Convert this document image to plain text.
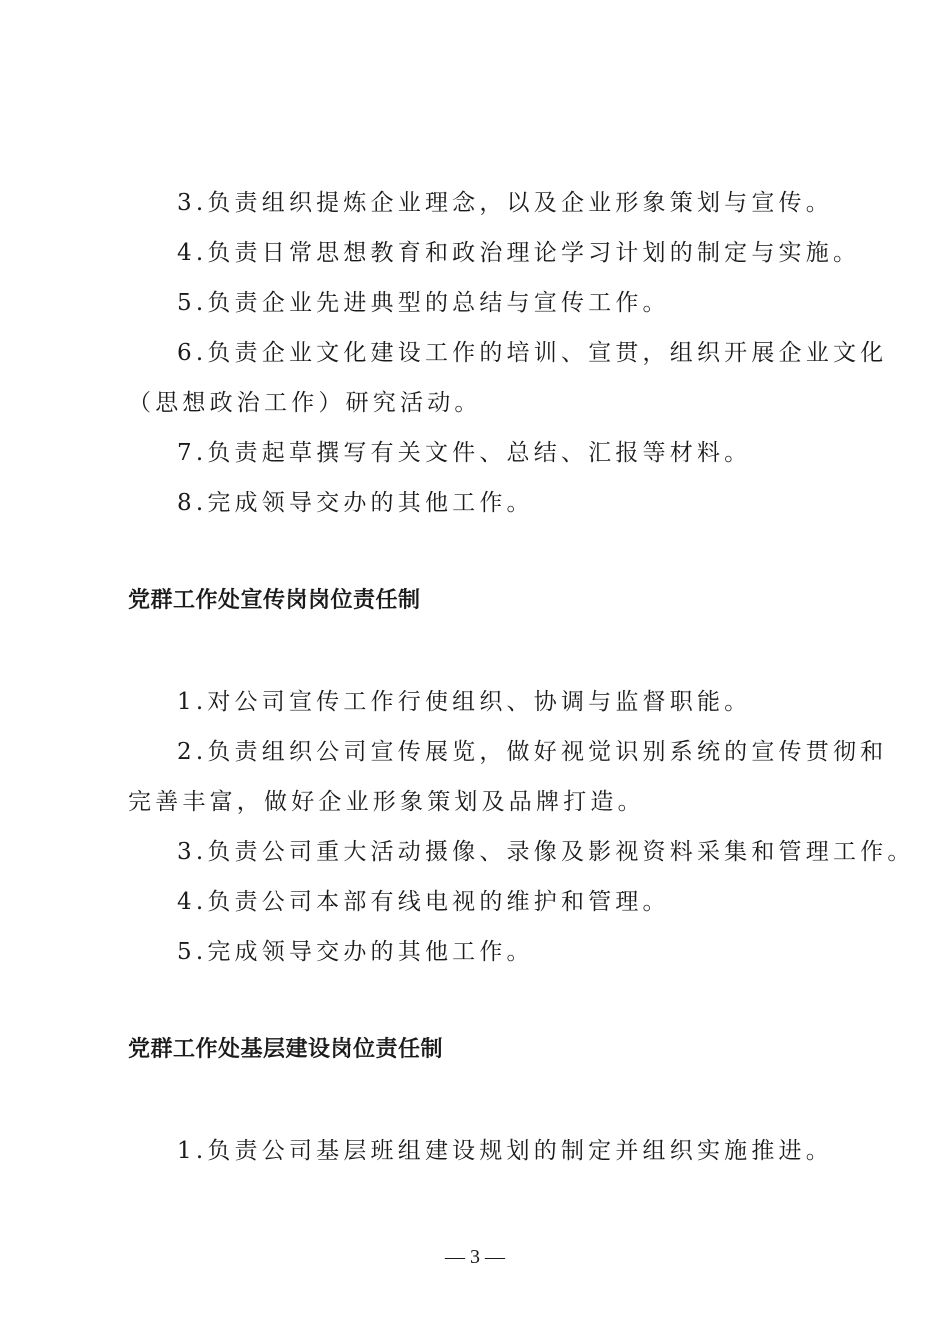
3.负责组织提炼企业理念，以及企业形象策划与宣传。

4.负责日常思想教育和政治理论学习计划的制定与实施。

5.负责企业先进典型的总结与宣传工作。

6.负责企业文化建设工作的培训、宣贯，组织开展企业文化

（思想政治工作）研究活动。

7.负责起草撰写有关文件、总结、汇报等材料。

8.完成领导交办的其他工作。

党群工作处宣传岗岗位责任制

1.对公司宣传工作行使组织、协调与监督职能。

2.负责组织公司宣传展览，做好视觉识别系统的宣传贯彻和

完善丰富，做好企业形象策划及品牌打造。

3.负责公司重大活动摄像、录像及影视资料采集和管理工作。

4.负责公司本部有线电视的维护和管理。

5.完成领导交办的其他工作。

党群工作处基层建设岗位责任制

1.负责公司基层班组建设规划的制定并组织实施推进。

— 3 —
